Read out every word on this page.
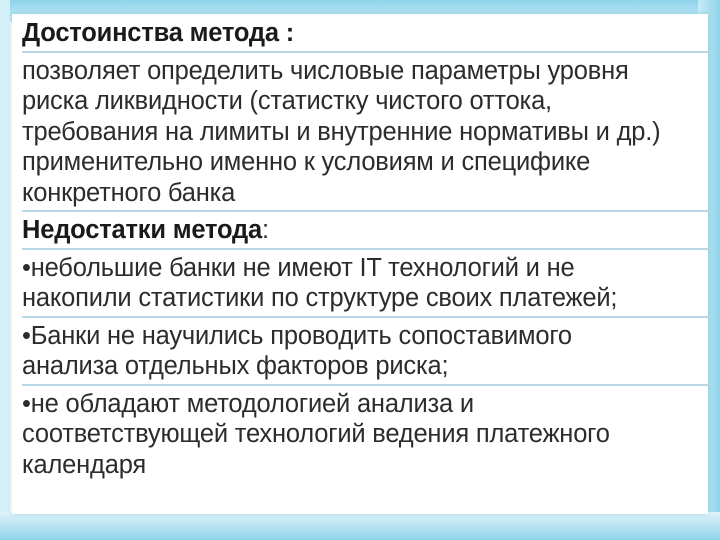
Достоинства метода :

позволяет определить числовые параметры уровня

риска ликвидности (статистку чистого оттока,

требования на лимиты и внутренние нормативы и др.)

применительно именно к условиям и специфике

конкретного банка

Недостатки метода:

•небольшие банки не имеют IT технологий и не

накопили статистики по структуре своих платежей;

•Банки не научились проводить сопоставимого

анализа отдельных факторов риска;

•не обладают методологией анализа и

соответствующей технологий ведения платежного

календаря
